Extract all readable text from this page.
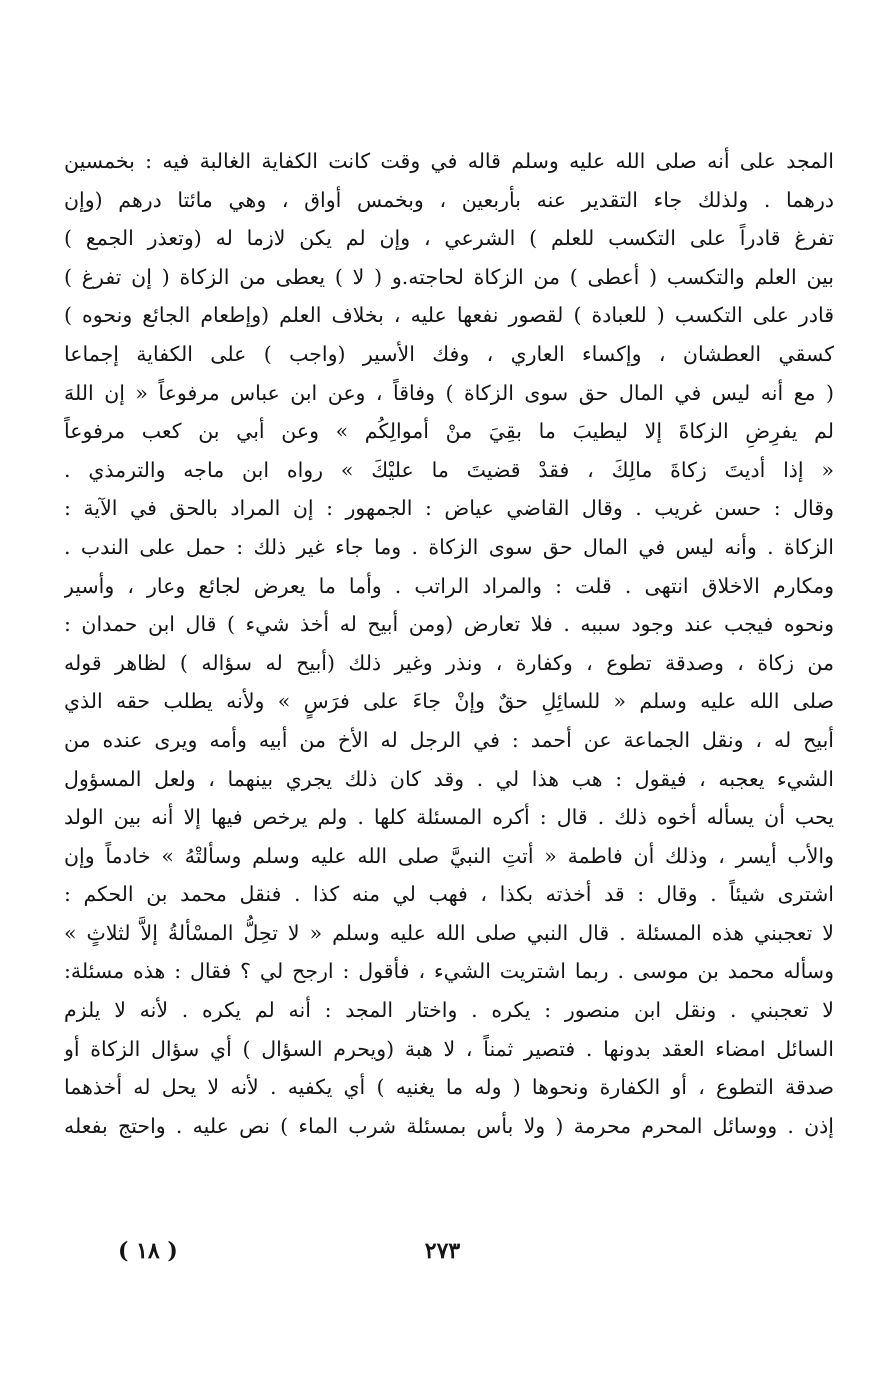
المجد على أنه صلى الله عليه وسلم قاله في وقت كانت الكفاية الغالبة فيه : بخمسين
درهما . ولذلك جاء التقدير عنه بأربعين ، وبخمس أواق ، وهي مائتا درهم (وإن
تفرغ قادراً على التكسب للعلم ) الشرعي ، وإن لم يكن لازما له (وتعذر الجمع )
بين العلم والتكسب ( أعطى ) من الزكاة لحاجته.و ( لا ) يعطى من الزكاة ( إن تفرغ )
قادر على التكسب ( للعبادة ) لقصور نفعها عليه ، بخلاف العلم (وإطعام الجائع ونحوه )
كسقي العطشان ، وإكساء العاري ، وفك الأسير (واجب ) على الكفاية إجماعا
( مع أنه ليس في المال حق سوى الزكاة ) وفاقاً ، وعن ابن عباس مرفوعاً « إن اللهَ
لم يفرِضِ الزكاةَ إلا ليطيبَ ما بقِيَ منْ أموالِكُم » وعن أبي بن كعب مرفوعاً
« إذا أديتَ زكاةَ مالِكَ ، فقدْ قضيتَ ما عليْكَ » رواه ابن ماجه والترمذي .
وقال : حسن غريب . وقال القاضي عياض : الجمهور : إن المراد بالحق في الآية :
الزكاة . وأنه ليس في المال حق سوى الزكاة . وما جاء غير ذلك : حمل على الندب .
ومكارم الاخلاق انتهى . قلت : والمراد الراتب . وأما ما يعرض لجائع وعار ، وأسير
ونحوه فيجب عند وجود سببه . فلا تعارض (ومن أبيح له أخذ شيء ) قال ابن حمدان :
من زكاة ، وصدقة تطوع ، وكفارة ، ونذر وغير ذلك (أبيح له سؤاله ) لظاهر قوله
صلى الله عليه وسلم « للسائِلِ حقٌ وإنْ جاءَ على فرَسٍ » ولأنه يطلب حقه الذي
أبيح له ، ونقل الجماعة عن أحمد : في الرجل له الأخ من أبيه وأمه ويرى عنده من
الشيء يعجبه ، فيقول : هب هذا لي . وقد كان ذلك يجري بينهما ، ولعل المسؤول
يحب أن يسأله أخوه ذلك . قال : أكره المسئلة كلها . ولم يرخص فيها إلا أنه بين الولد
والأب أيسر ، وذلك أن فاطمة « أتتِ النبيَّ صلى الله عليه وسلم وسألتْهُ » خادماً وإن
اشترى شيئاً . وقال : قد أخذته بكذا ، فهب لي منه كذا . فنقل محمد بن الحكم :
لا تعجبني هذه المسئلة . قال النبي صلى الله عليه وسلم « لا تحِلُّ المسْألةُ إلاَّ لثلاثٍ »
وسأله محمد بن موسى . ربما اشتريت الشيء ، فأقول : ارجح لي ؟ فقال : هذه مسئلة:
لا تعجبني . ونقل ابن منصور : يكره . واختار المجد : أنه لم يكره . لأنه لا يلزم
السائل امضاء العقد بدونها . فتصير ثمناً ، لا هبة (ويحرم السؤال ) أي سؤال الزكاة أو
صدقة التطوع ، أو الكفارة ونحوها ( وله ما يغنيه ) أي يكفيه . لأنه لا يحل له أخذهما
إذن . ووسائل المحرم محرمة ( ولا بأس بمسئلة شرب الماء ) نص عليه . واحتج بفعله
٢٧٣
( ١٨ )
